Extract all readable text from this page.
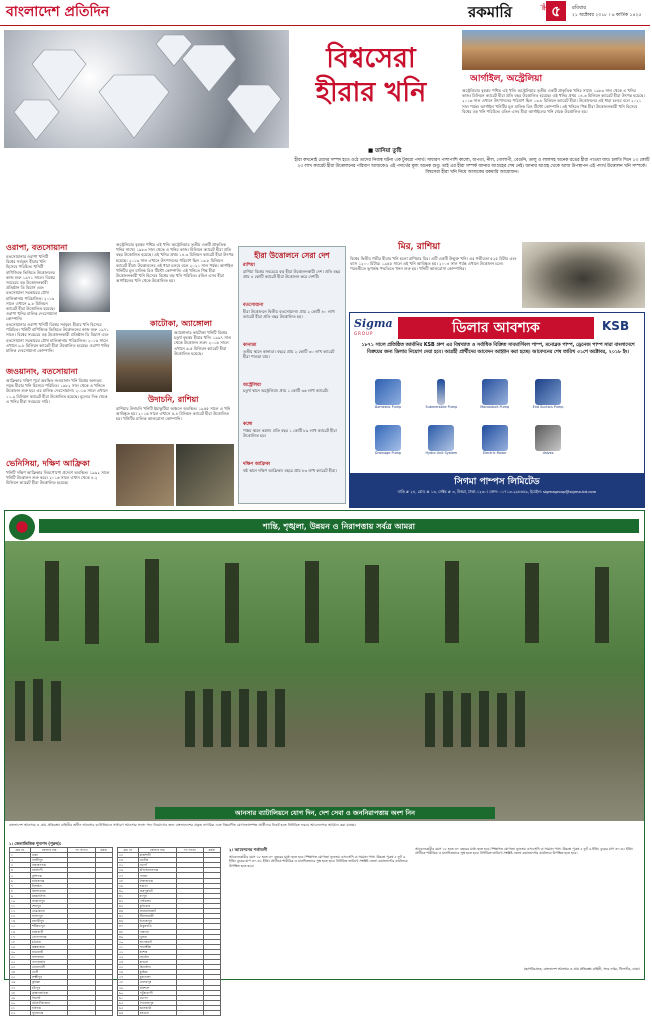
বাংলাদেশ প্রতিদিন	রকমারি	পৃষ্ঠা ৫	রবিবার
২১ অক্টোবর ২০১৮ । ৬ কার্তিক ১৪২৫
বিশ্বসেরা
হীরার খনি	আর্গাইল, অস্ট্রেলিয়া
অস্ট্রেলিয়ার বৃহত্তম পশ্চিম এই খনি। অস্ট্রেলিয়ার তৃতীয় একটি প্রাকৃতিক খনির সাথে। ১৯৮৩ সাল থেকে এ খনির কাজ। মিলিয়ন ক্যারেট হীরা প্রতি বছর উত্তোলিত হয়েছে। এই খনির প্রথম ১৪.৩ মিলিয়ন ক্যারেট হীরা উৎপন্ন হয়েছে। ২০১৬ সাল এখানে উৎপাদনের পরিমাণ ছিল ১৩.৮ মিলিয়ন ক্যারেট হীরা। উত্তোলনের এই ধারা চলবে বলে ২০২১ সাল পর্যন্ত। আর্গাইল খনিটির মূল মালিক রিও টিন্টো কোম্পানি। এই খনিতে পিঙ্ক হীরা উত্তোলনকারী খনি হিসেবে বিশ্বের বড় খনি পরিচিত। রঙিন এসব হীরা আর্গাইলের খনি থেকে উত্তোলিত হয়।
■ তানিয়া তুষ্টি
হীরা কখনোই মেদের সম্পদ হতে ওঠে তাদের নিজস্ব ঘটনা এক টুকরো পদার্থ। সাধারণ পাশাপাশি কালো, অপতা, নীল, গোলাপী, বেগুনি, ডালু ও লালসহ অনেক রঙের হীরা পাওয়া যায়। চলতি দিনে ১৩ কোটি ২৩ লাখ ক্যারেট হীরা উত্তোলনের পরিমাণ আজকেও এই পদার্থের মূল্য অনেক শুধু। তাই এর হীরা সম্পর্ক জানার আগ্রহের শেষ নেই। জানার আগ্রহ থেকে আজ উপস্থাপন এই পদার্থ উত্তোলন খনি সম্পর্কে। বিশ্বসেরা হীরা খনি নিয়ে আজকের রকমারি আয়োজন।
ওরাপা, বতসোয়ানা
বতসোয়ানার ওরাপা খনিটি বিশ্বের সর্ববৃহৎ হীরার খনি হিসেবে পরিচিত। খনিটি বাণিজ্যিক ভিত্তিতে উত্তোলনের কাজ শুরু ১৯৭১ সালে। বিশ্বের সবচেয়ে বড় উত্তোলনকারী প্রতিষ্ঠান ডি বিয়ার্স এবং বতসোয়ানা সরকারের যৌথ মালিকানায় পরিচালিত। ২০১৬ সালে এখানে ৯.৮ মিলিয়ন ক্যারেট হীরা উত্তোলিত হয়েছে। ওরাপা খনির মালিক দেবসোয়ানা কোম্পানি।
বতসোয়ানার ওরাপা খনিটি বিশ্বের সর্ববৃহৎ হীরার খনি হিসেবে পরিচিত। খনিটি বাণিজ্যিক ভিত্তিতে উত্তোলনের কাজ শুরু ১৯৭১ সালে। বিশ্বের সবচেয়ে বড় উত্তোলনকারী প্রতিষ্ঠান ডি বিয়ার্স এবং বতসোয়ানা সরকারের যৌথ মালিকানায় পরিচালিত। ২০১৬ সালে এখানে ৯.৮ মিলিয়ন ক্যারেট হীরা উত্তোলিত হয়েছে। ওরাপা খনির মালিক দেবসোয়ানা কোম্পানি।
জওয়ানাং, বতসোয়ানা
আফ্রিকার দক্ষিণ পূর্বে অবস্থিত জওয়ানাং খনি বিশ্বের অন্যতম সমৃদ্ধ হীরার খনি হিসেবে পরিচিত। ১৯৮২ সাল থেকে এ খনিতে উত্তোলন শুরু হয়। এর মালিক দেবসোয়ানা। ২০১৬ সালে এখানে ১১.৯ মিলিয়ন ক্যারেট হীরা উত্তোলিত হয়েছে। মূল্যের দিক থেকে এ খনির হীরা সবচেয়ে দামি।
ভেনিসিয়া, দক্ষিণ আফ্রিকা
খনিটি দক্ষিণ আফ্রিকার লিমপোপো প্রদেশে অবস্থিত। ১৯৯২ সালে খনিটি উত্তোলন শুরু করে। ২০১৬ সালে এখান থেকে ৪.২ মিলিয়ন ক্যারেট হীরা উত্তোলিত হয়েছে।
অস্ট্রেলিয়ার বৃহত্তম পশ্চিম এই খনি। অস্ট্রেলিয়ার তৃতীয় একটি প্রাকৃতিক খনির সাথে। ১৯৮৩ সাল থেকে এ খনির কাজ। মিলিয়ন ক্যারেট হীরা প্রতি বছর উত্তোলিত হয়েছে। এই খনির প্রথম ১৪.৩ মিলিয়ন ক্যারেট হীরা উৎপন্ন হয়েছে। ২০১৬ সাল এখানে উৎপাদনের পরিমাণ ছিল ১৩.৮ মিলিয়ন ক্যারেট হীরা। উত্তোলনের এই ধারা চলবে বলে ২০২১ সাল পর্যন্ত। আর্গাইল খনিটির মূল মালিক রিও টিন্টো কোম্পানি। এই খনিতে পিঙ্ক হীরা উত্তোলনকারী খনি হিসেবে বিশ্বের বড় খনি পরিচিত। রঙিন এসব হীরা আর্গাইলের খনি থেকে উত্তোলিত হয়।
কাটোকা, অ্যাঙ্গোলা
অ্যাঙ্গোলার কাটোকা খনিটি বিশ্বের চতুর্থ বৃহত্তম হীরার খনি। ১৯৯৭ সাল থেকে উত্তোলন শুরু। ২০১৬ সালে এখানে ৬.৫ মিলিয়ন ক্যারেট হীরা উত্তোলিত হয়েছে।
উদাচনি, রাশিয়া
রাশিয়ার উদাচনি খনিটি ইয়াকুটিয়া অঞ্চলে অবস্থিত। ১৯৫৫ সালে এ খনি আবিষ্কৃত হয়। ২০১৬ সালে এখানে ৫.৪ মিলিয়ন ক্যারেট হীরা উত্তোলিত হয়। খনিটির মালিক আলরোসা কোম্পানি।
হীরা উত্তোলনে সেরা দেশ
রাশিয়া
রাশিয়া বিশ্বের সবচেয়ে বড় হীরা উত্তোলনকারী দেশ। প্রতি বছর প্রায় ৪ কোটি ক্যারেট হীরা উত্তোলন করে দেশটি।
বতসোয়ানা
হীরা উত্তোলনে দ্বিতীয় বতসোয়ানা। প্রায় ২ কোটি ৪০ লাখ ক্যারেট হীরা প্রতি বছর উত্তোলিত হয়।
কানাডা
তৃতীয় স্থানে কানাডা। বছরে প্রায় ২ কোটি ৩০ লাখ ক্যারেট হীরা পাওয়া যায়।
অস্ট্রেলিয়া
চতুর্থ স্থানে অস্ট্রেলিয়া। প্রায় ১ কোটি ৩৬ লাখ ক্যারেট।
কঙ্গো
পঞ্চম স্থানে কঙ্গো। প্রতি বছর ১ কোটি ৮৯ লাখ ক্যারেট হীরা উত্তোলিত হয়।
দক্ষিণ আফ্রিকা
ষষ্ঠ স্থানে দক্ষিণ আফ্রিকা। বছরে প্রায় ৮৩ লাখ ক্যারেট হীরা।
মির, রাশিয়া
বিশ্বের দ্বিতীয় গভীর হীরার খনি হলো রাশিয়ার মির। এটি একটি উন্মুক্ত খনি। এর গভীরতা ৫২৫ মিটার এবং ব্যাস ১২০০ মিটার। ১৯৫৫ সালে এই খনি আবিষ্কৃত হয়। ২০০৪ সাল পর্যন্ত এখানে উত্তোলন চলে। পরবর্তীতে ভূগর্ভস্থ পদ্ধতিতে খনন শুরু হয়। খনিটি আলরোসা কোম্পানির।
Sigma
GROUP	ডিলার আবশ্যক	KSB
১৮৭১ সালে প্রতিষ্ঠিত জার্মানির KSB গ্রুপ এর বিশ্বখ্যাত ও সর্বাধিক বিক্রিত সাবমার্সিবল পাম্প, মনোব্লক পাম্প, ড্রেনেজ পাম্প সারা বাংলাদেশে বিক্রয়ের জন্য ডিলার নিয়োগ দেয়া হবে। আগ্রহী প্রার্থীদের আবেদন আহ্বান করা হচ্ছে। আবেদনের শেষ তারিখ ৩১শে অক্টোবর, ২০১৮ ইং।
Domestic Pump
	Submersible Pump
	Monoblock Pump
	End Suction Pump
Drainage Pump
	Hydro Unit System
	Electric Motor
	Valves
সিগমা পাম্পস লিমিটেড
বাড়ি # ২৪, রোড # ১৩, সেক্টর # ৩, উত্তরা, ঢাকা-১২৩০। ফোন: ০১৭১৩-২৯৮৬৪৯, ইমেইল: sigmagroup@sigma-bd.com
শান্তি, শৃঙ্খলা, উন্নয়ন ও নিরাপত্তায় সর্বত্র আমরা
আনসার ব্যাটালিয়নে যোগ দিন, দেশ সেবা ও জননিরাপত্তায় অংশ নিন
বাংলাদেশ আনসার ও গ্রাম প্রতিরক্ষা বাহিনীর অধীন আনসার ব্যাটালিয়নে সাধারণ আনসার সদস্য পদে নিয়োগের জন্য বাংলাদেশের প্রকৃত নাগরিক এবং নিম্নবর্ণিত যোগ্যতাসম্পন্ন প্রার্থীদের নিকট হতে নির্ধারিত ফরমে আবেদনপত্র আহ্বান করা যাচ্ছে।
১। জেলাভিত্তিক শূন্যপদ (পুরুষ):
ক্রম নং	জেলার নাম	পদ সংখ্যা	মন্তব্য
১	ঢাকা		
২	গাজীপুর		
৩	নারায়ণগঞ্জ		
৪	নরসিংদী		
৫	মুন্সিগঞ্জ		
৬	মানিকগঞ্জ		
৭	টাঙ্গাইল		
৮	কিশোরগঞ্জ		
৯	ময়মনসিংহ		
১০	জামালপুর		
১১	শেরপুর		
১২	নেত্রকোনা		
১৩	ফরিদপুর		
১৪	মাদারীপুর		
১৫	শরীয়তপুর		
১৬	রাজবাড়ী		
১৭	গোপালগঞ্জ		
১৮	চট্টগ্রাম		
১৯	কক্সবাজার		
২০	রাঙামাটি		
২১	বান্দরবান		
২২	খাগড়াছড়ি		
২৩	নোয়াখালী		
২৪	ফেনী		
২৫	লক্ষ্মীপুর		
২৬	কুমিল্লা		
২৭	চাঁদপুর		
২৮	ব্রাহ্মণবাড়িয়া		
২৯	সিলেট		
৩০	মৌলভীবাজার		
৩১	হবিগঞ্জ		
৩২	সুনামগঞ্জ		
ক্রম নং	জেলার নাম	পদ সংখ্যা	মন্তব্য
৩৩	রাজশাহী		
৩৪	নাটোর		
৩৫	নওগাঁ		
৩৬	চাঁপাইনবাবগঞ্জ		
৩৭	পাবনা		
৩৮	সিরাজগঞ্জ		
৩৯	বগুড়া		
৪০	জয়পুরহাট		
৪১	রংপুর		
৪২	গাইবান্ধা		
৪৩	কুড়িগ্রাম		
৪৪	লালমনিরহাট		
৪৫	নীলফামারী		
৪৬	দিনাজপুর		
৪৭	ঠাকুরগাঁও		
৪৮	পঞ্চগড়		
৪৯	খুলনা		
৫০	বাগেরহাট		
৫১	সাতক্ষীরা		
৫২	যশোর		
৫৩	নড়াইল		
৫৪	মাগুরা		
৫৫	ঝিনাইদহ		
৫৬	কুষ্টিয়া		
৫৭	চুয়াডাঙ্গা		
৫৮	মেহেরপুর		
৫৯	বরিশাল		
৬০	পটুয়াখালী		
৬১	ভোলা		
৬২	পিরোজপুর		
৬৩	ঝালকাঠি		
৬৪	বরগুনা		
২। আবেদনের শর্তাবলী
আবেদনকারীর বয়স ১৮ হতে ৩০ বছরের মধ্যে হতে হবে। শিক্ষাগত যোগ্যতা ন্যূনতম এসএসসি বা সমমান পাস। উচ্চতা পুরুষ ৫ ফুট ৬ ইঞ্চি। বুকের মাপ ৩০-৩২ ইঞ্চি। প্রার্থীকে শারীরিক ও মানসিকভাবে সুস্থ হতে হবে। নির্ধারিত তারিখে সংশ্লিষ্ট জেলা কমান্ড্যান্টের কার্যালয়ে উপস্থিত হতে হবে।
আবেদনকারীর বয়স ১৮ হতে ৩০ বছরের মধ্যে হতে হবে। শিক্ষাগত যোগ্যতা ন্যূনতম এসএসসি বা সমমান পাস। উচ্চতা পুরুষ ৫ ফুট ৬ ইঞ্চি। বুকের মাপ ৩০-৩২ ইঞ্চি। প্রার্থীকে শারীরিক ও মানসিকভাবে সুস্থ হতে হবে। নির্ধারিত তারিখে সংশ্লিষ্ট জেলা কমান্ড্যান্টের কার্যালয়ে উপস্থিত হতে হবে।
মহাপরিচালক, বাংলাদেশ আনসার ও গ্রাম প্রতিরক্ষা বাহিনী, সদর দপ্তর, খিলগাঁও, ঢাকা।
